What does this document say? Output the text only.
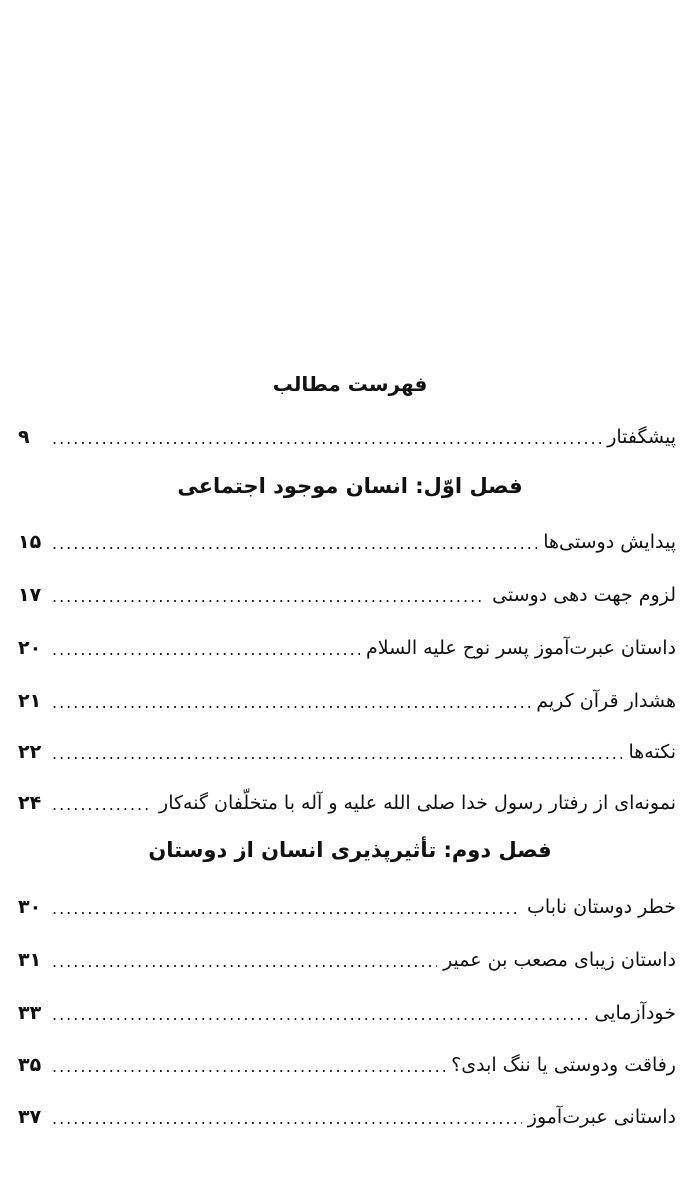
فهرست مطالب
پیشگفتار
.....
۹
فصل اوّل: انسان موجود اجتماعی
پیدایش دوستی‌ها
.....
۱۵
لزوم جهت دهی دوستی
.....
۱۷
داستان عبرت‌آموز پسر نوح علیه السلام
.....
۲۰
هشدار قرآن کریم
.....
۲۱
نکته‌ها
.....
۲۲
نمونه‌ای از رفتار رسول خدا صلی الله علیه و آله با متخلّفان گنه‌کار
.....
۲۴
فصل دوم: تأثیرپذیری انسان از دوستان
خطر دوستان ناباب
.....
۳۰
داستان زیبای مصعب بن عمیر
.....
۳۱
خودآزمایی
.....
۳۳
رفاقت ودوستی یا ننگ ابدی؟
.....
۳۵
داستانی عبرت‌آموز
.....
۳۷
